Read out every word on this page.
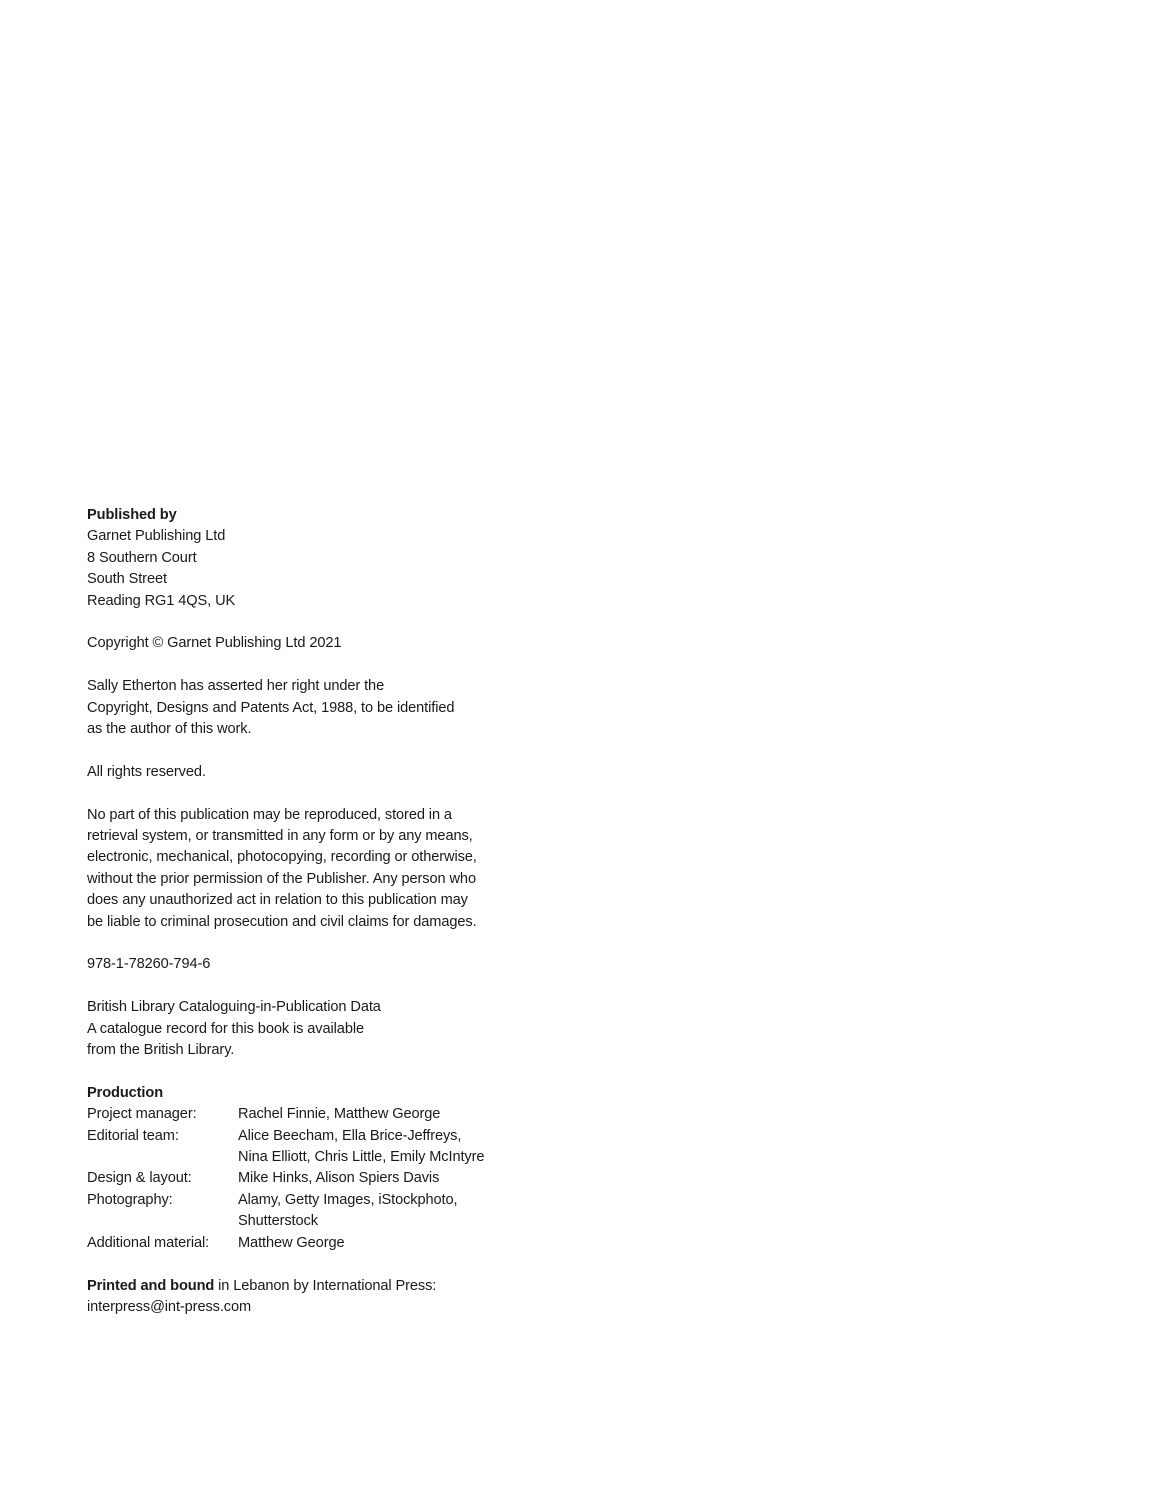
Published by
Garnet Publishing Ltd
8 Southern Court
South Street
Reading RG1 4QS, UK
Copyright © Garnet Publishing Ltd 2021
Sally Etherton has asserted her right under the
Copyright, Designs and Patents Act, 1988, to be identified
as the author of this work.
All rights reserved.
No part of this publication may be reproduced, stored in a
retrieval system, or transmitted in any form or by any means,
electronic, mechanical, photocopying, recording or otherwise,
without the prior permission of the Publisher. Any person who
does any unauthorized act in relation to this publication may
be liable to criminal prosecution and civil claims for damages.
978-1-78260-794-6
British Library Cataloguing-in-Publication Data
A catalogue record for this book is available
from the British Library.
Production
Project manager:	Rachel Finnie, Matthew George
Editorial team:	Alice Beecham, Ella Brice-Jeffreys,
Nina Elliott, Chris Little, Emily McIntyre
Design & layout:	Mike Hinks, Alison Spiers Davis
Photography:	Alamy, Getty Images, iStockphoto,
Shutterstock
Additional material:	Matthew George
Printed and bound in Lebanon by International Press:
interpress@int-press.com
